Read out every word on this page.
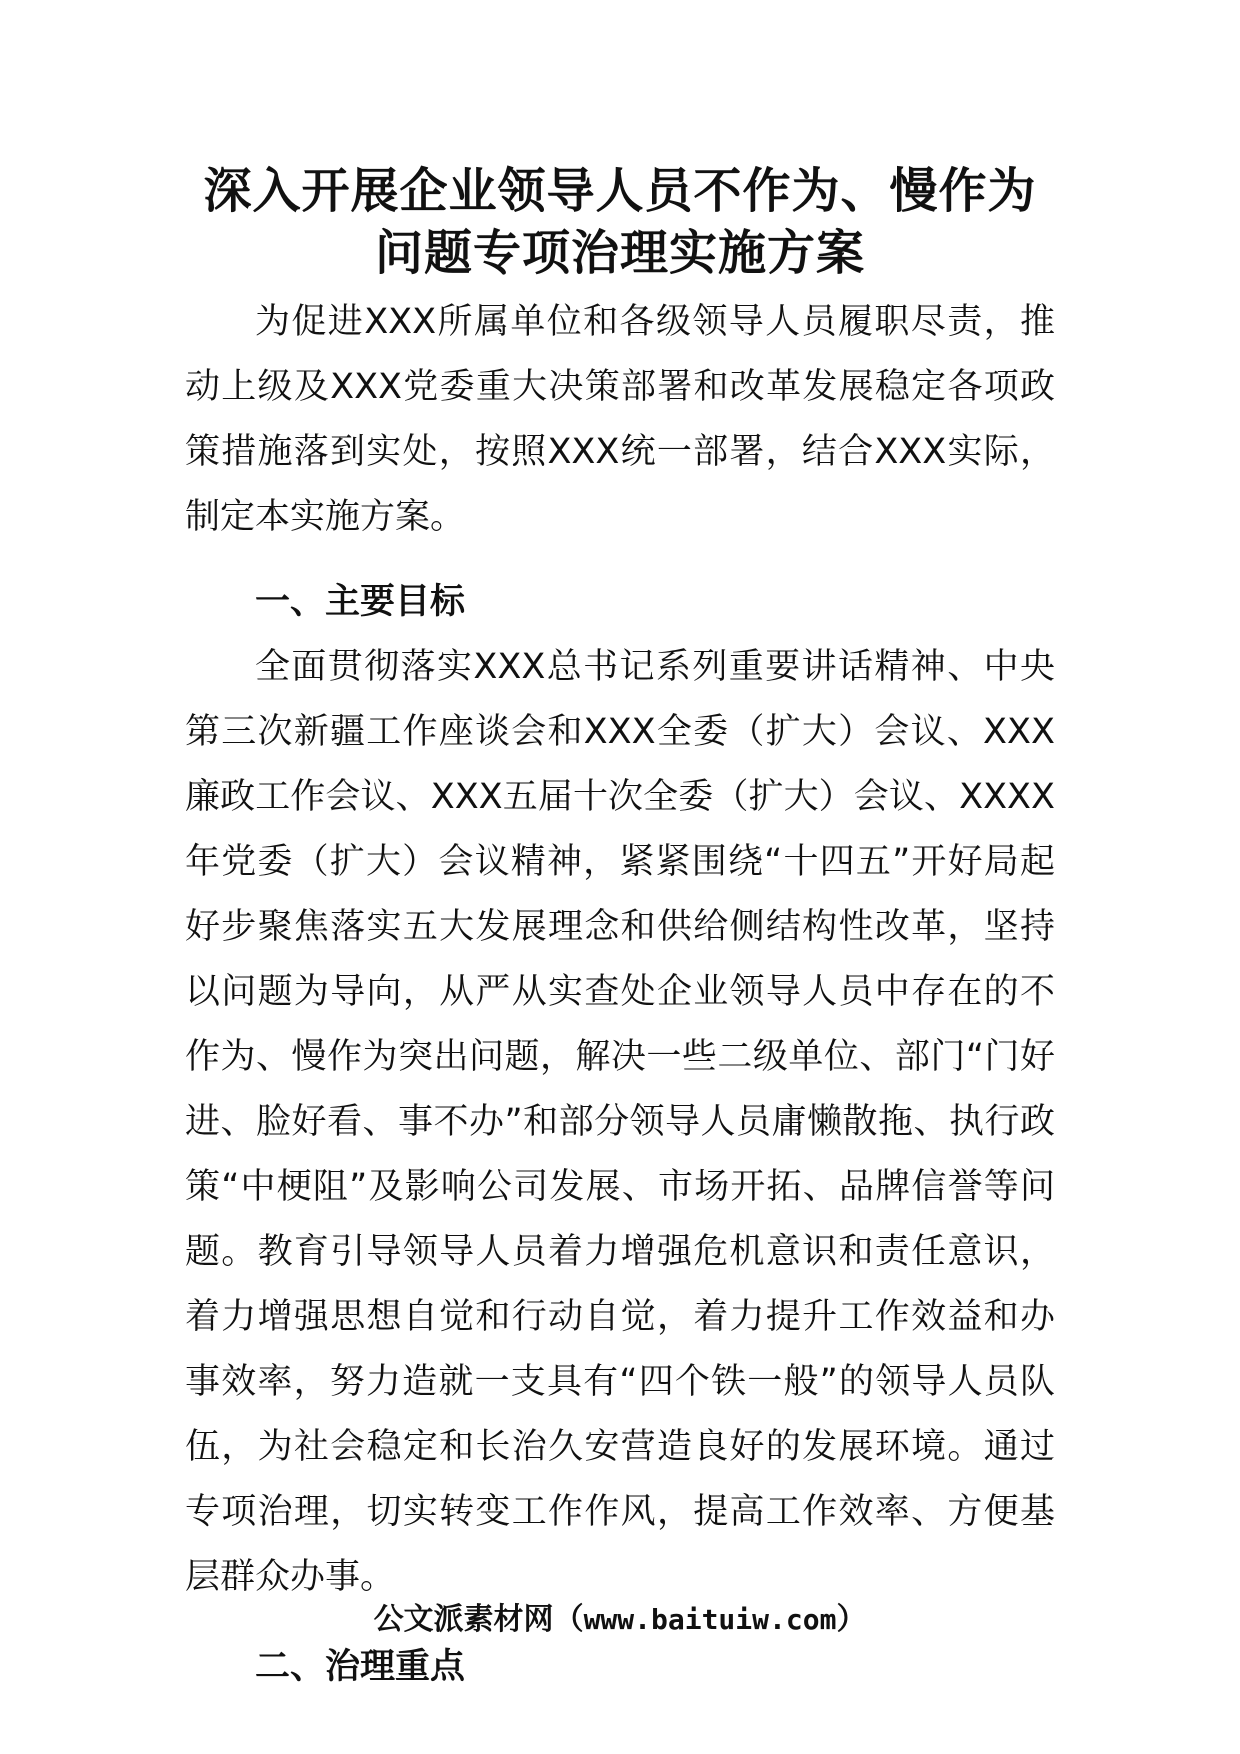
深入开展企业领导人员不作为、慢作为问题专项治理实施方案

为促进XXX所属单位和各级领导人员履职尽责，推动上级及XXX党委重大决策部署和改革发展稳定各项政策措施落到实处，按照XXX统一部署，结合XXX实际，制定本实施方案。

一、主要目标

全面贯彻落实XXX总书记系列重要讲话精神、中央第三次新疆工作座谈会和XXX全委（扩大）会议、XXX廉政工作会议、XXX五届十次全委（扩大）会议、XXXX年党委（扩大）会议精神，紧紧围绕“十四五”开好局起好步聚焦落实五大发展理念和供给侧结构性改革，坚持以问题为导向，从严从实查处企业领导人员中存在的不作为、慢作为突出问题，解决一些二级单位、部门“门好进、脸好看、事不办”和部分领导人员庸懒散拖、执行政策“中梗阻”及影响公司发展、市场开拓、品牌信誉等问题。教育引导领导人员着力增强危机意识和责任意识，着力增强思想自觉和行动自觉，着力提升工作效益和办事效率，努力造就一支具有“四个铁一般”的领导人员队伍，为社会稳定和长治久安营造良好的发展环境。通过专项治理，切实转变工作作风，提高工作效率、方便基层群众办事。

二、治理重点

公文派素材网（www.baituiw.com）
